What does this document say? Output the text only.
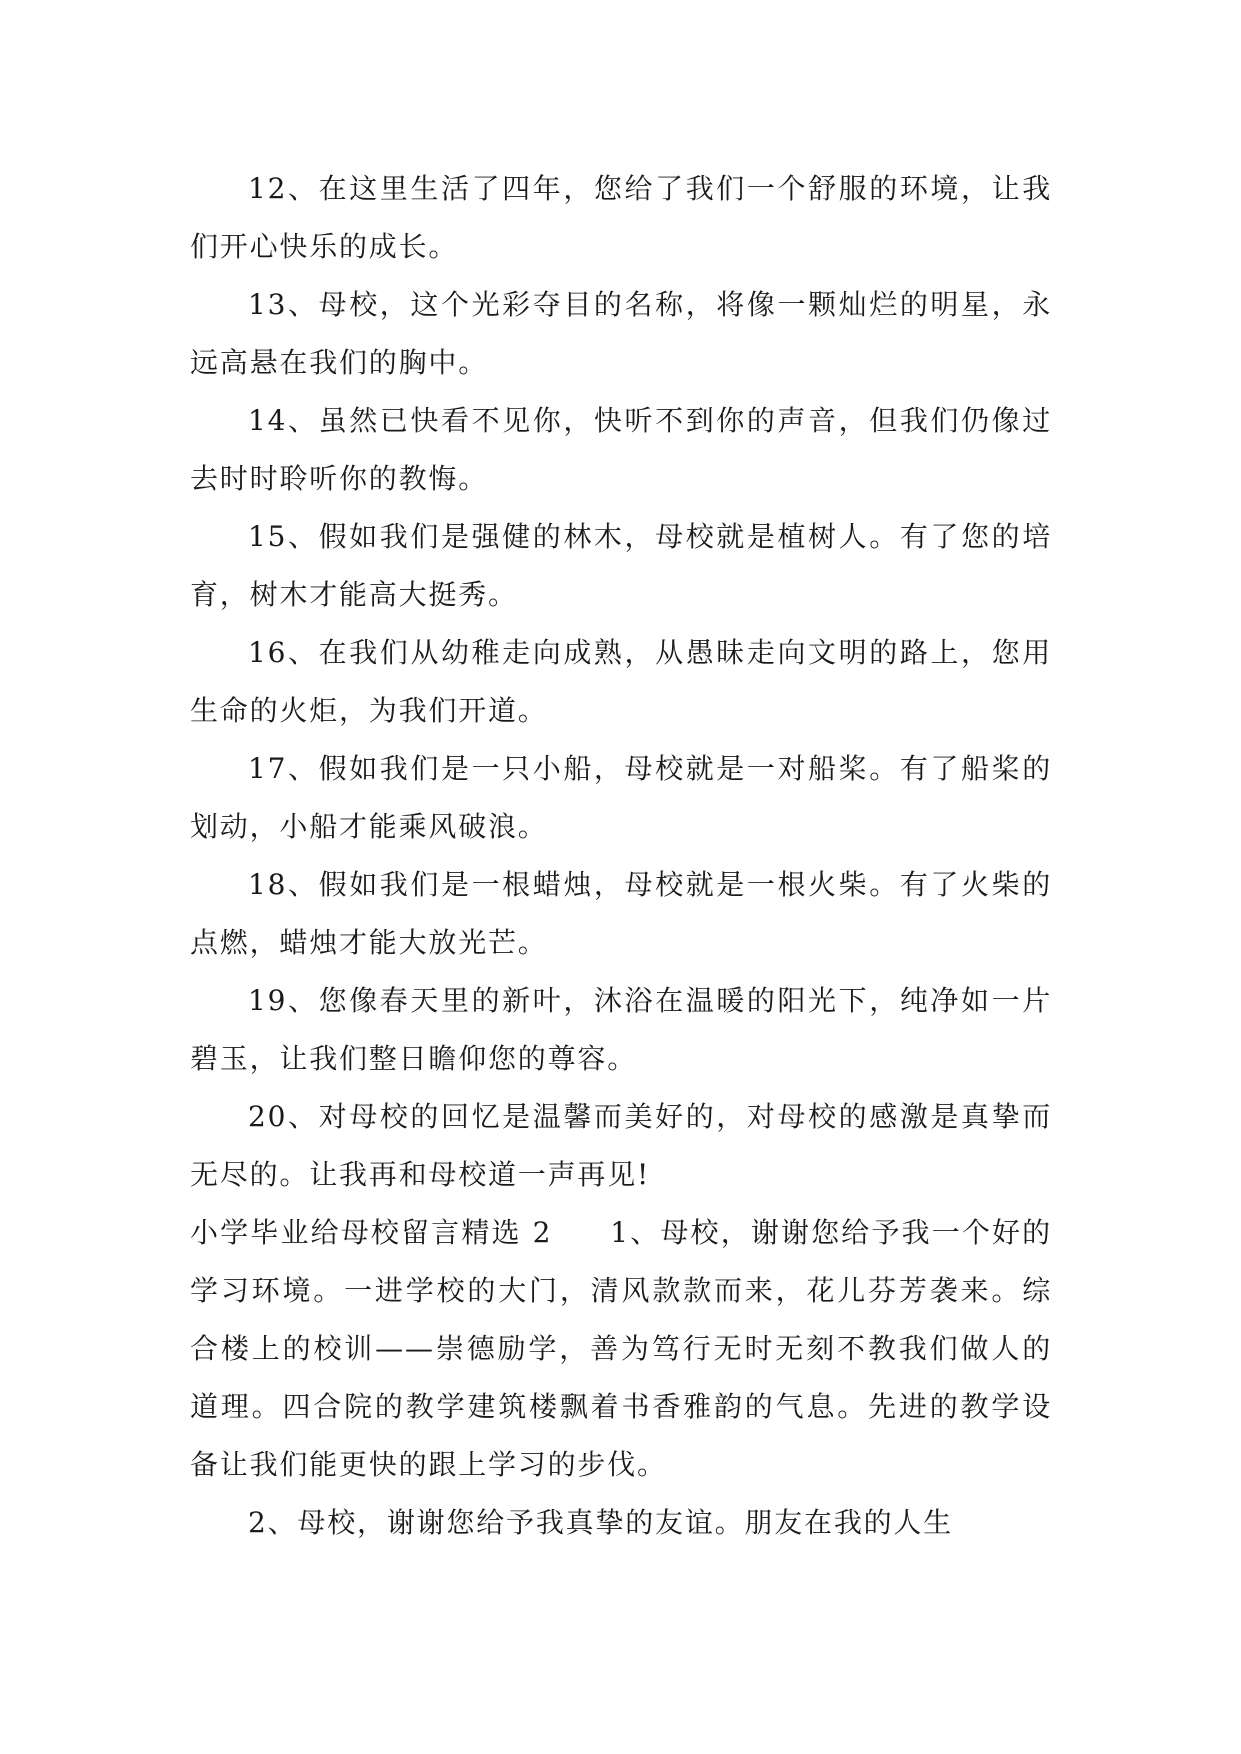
12、在这里生活了四年，您给了我们一个舒服的环境，让我们开心快乐的成长。

13、母校，这个光彩夺目的名称，将像一颗灿烂的明星，永远高悬在我们的胸中。

14、虽然已快看不见你，快听不到你的声音，但我们仍像过去时时聆听你的教悔。

15、假如我们是强健的林木，母校就是植树人。有了您的培育，树木才能高大挺秀。

16、在我们从幼稚走向成熟，从愚昧走向文明的路上，您用生命的火炬，为我们开道。

17、假如我们是一只小船，母校就是一对船桨。有了船桨的划动，小船才能乘风破浪。

18、假如我们是一根蜡烛，母校就是一根火柴。有了火柴的点燃，蜡烛才能大放光芒。

19、您像春天里的新叶，沐浴在温暖的阳光下，纯净如一片碧玉，让我们整日瞻仰您的尊容。

20、对母校的回忆是温馨而美好的，对母校的感激是真挚而无尽的。让我再和母校道一声再见!

小学毕业给母校留言精选 2 1、母校，谢谢您给予我一个好的学习环境。一进学校的大门，清风款款而来，花儿芬芳袭来。综合楼上的校训——崇德励学，善为笃行无时无刻不教我们做人的道理。四合院的教学建筑楼飘着书香雅韵的气息。先进的教学设备让我们能更快的跟上学习的步伐。

2、母校，谢谢您给予我真挚的友谊。朋友在我的人生
